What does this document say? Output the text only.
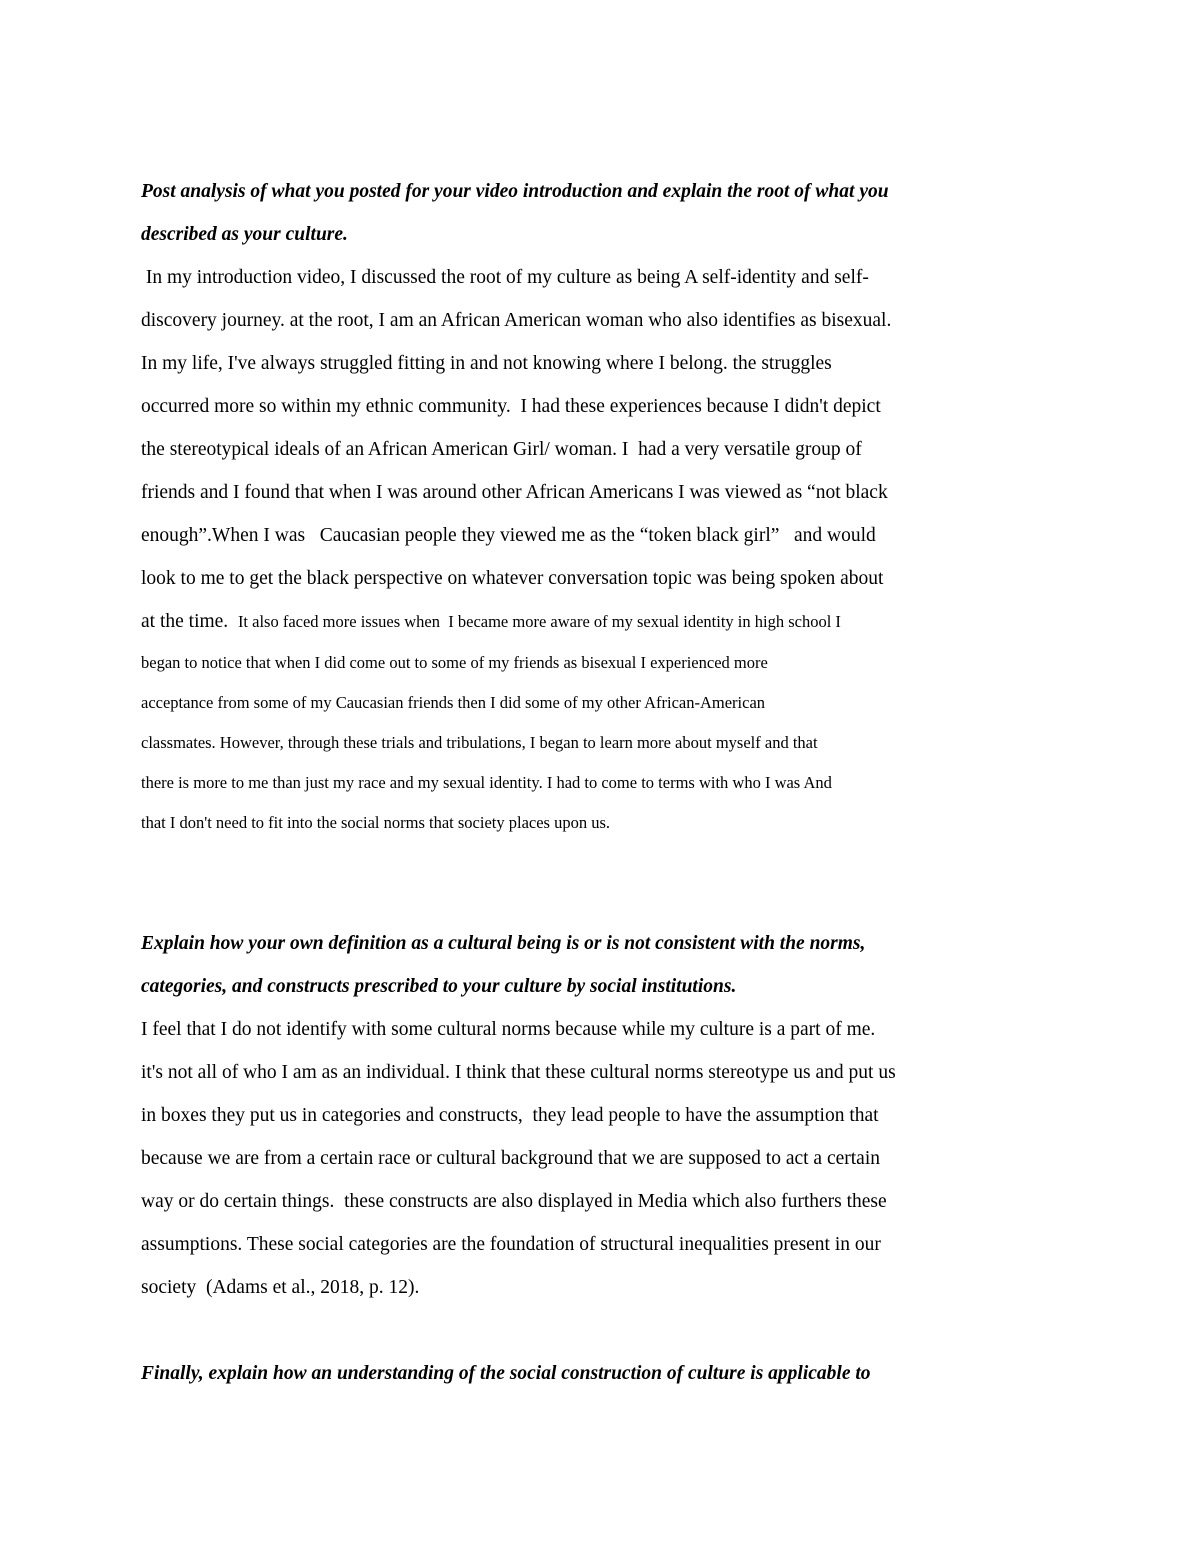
Post analysis of what you posted for your video introduction and explain the root of what you
described as your culture.
In my introduction video, I discussed the root of my culture as being A self-identity and self-
discovery journey. at the root, I am an African American woman who also identifies as bisexual.
In my life, I've always struggled fitting in and not knowing where I belong. the struggles
occurred more so within my ethnic community.  I had these experiences because I didn't depict
the stereotypical ideals of an African American Girl/ woman. I  had a very versatile group of
friends and I found that when I was around other African Americans I was viewed as “not black
enough”.When I was   Caucasian people they viewed me as the “token black girl”   and would
look to me to get the black perspective on whatever conversation topic was being spoken about
at the time.  It also faced more issues when  I became more aware of my sexual identity in high school I
began to notice that when I did come out to some of my friends as bisexual I experienced more
acceptance from some of my Caucasian friends then I did some of my other African-American
classmates. However, through these trials and tribulations, I began to learn more about myself and that
there is more to me than just my race and my sexual identity. I had to come to terms with who I was And
that I don't need to fit into the social norms that society places upon us.
Explain how your own definition as a cultural being is or is not consistent with the norms,
categories, and constructs prescribed to your culture by social institutions.
I feel that I do not identify with some cultural norms because while my culture is a part of me.
it's not all of who I am as an individual. I think that these cultural norms stereotype us and put us
in boxes they put us in categories and constructs,  they lead people to have the assumption that
because we are from a certain race or cultural background that we are supposed to act a certain
way or do certain things.  these constructs are also displayed in Media which also furthers these
assumptions. These social categories are the foundation of structural inequalities present in our
society  (Adams et al., 2018, p. 12).
Finally, explain how an understanding of the social construction of culture is applicable to
